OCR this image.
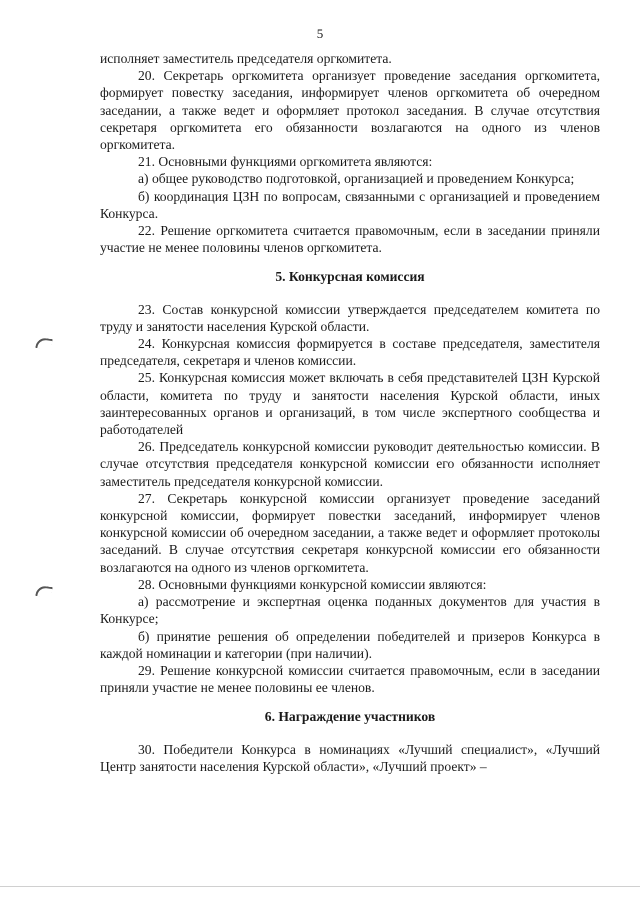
5

исполняет заместитель председателя оргкомитета.

20. Секретарь оргкомитета организует проведение заседания оргкомитета, формирует повестку заседания, информирует членов оргкомитета об очередном заседании, а также ведет и оформляет протокол заседания. В случае отсутствия секретаря оргкомитета его обязанности возлагаются на одного из членов оргкомитета.

21. Основными функциями оргкомитета являются:

а) общее руководство подготовкой, организацией и проведением Конкурса;

б) координация ЦЗН по вопросам, связанными с организацией и проведением Конкурса.

22. Решение оргкомитета считается правомочным, если в заседании приняли участие не менее половины членов оргкомитета.

5. Конкурсная комиссия

23. Состав конкурсной комиссии утверждается председателем комитета по труду и занятости населения Курской области.

24. Конкурсная комиссия формируется в составе председателя, заместителя председателя, секретаря и членов комиссии.

25. Конкурсная комиссия может включать в себя представителей ЦЗН Курской области, комитета по труду и занятости населения Курской области, иных заинтересованных органов и организаций, в том числе экспертного сообщества и работодателей

26. Председатель конкурсной комиссии руководит деятельностью комиссии. В случае отсутствия председателя конкурсной комиссии его обязанности исполняет заместитель председателя конкурсной комиссии.

27. Секретарь конкурсной комиссии организует проведение заседаний конкурсной комиссии, формирует повестки заседаний, информирует членов конкурсной комиссии об очередном заседании, а также ведет и оформляет протоколы заседаний. В случае отсутствия секретаря конкурсной комиссии его обязанности возлагаются на одного из членов оргкомитета.

28. Основными функциями конкурсной комиссии являются:

а) рассмотрение и экспертная оценка поданных документов для участия в Конкурсе;

б) принятие решения об определении победителей и призеров Конкурса в каждой номинации и категории (при наличии).

29. Решение конкурсной комиссии считается правомочным, если в заседании приняли участие не менее половины ее членов.

6. Награждение участников

30. Победители Конкурса в номинациях «Лучший специалист», «Лучший Центр занятости населения Курской области», «Лучший проект» –
